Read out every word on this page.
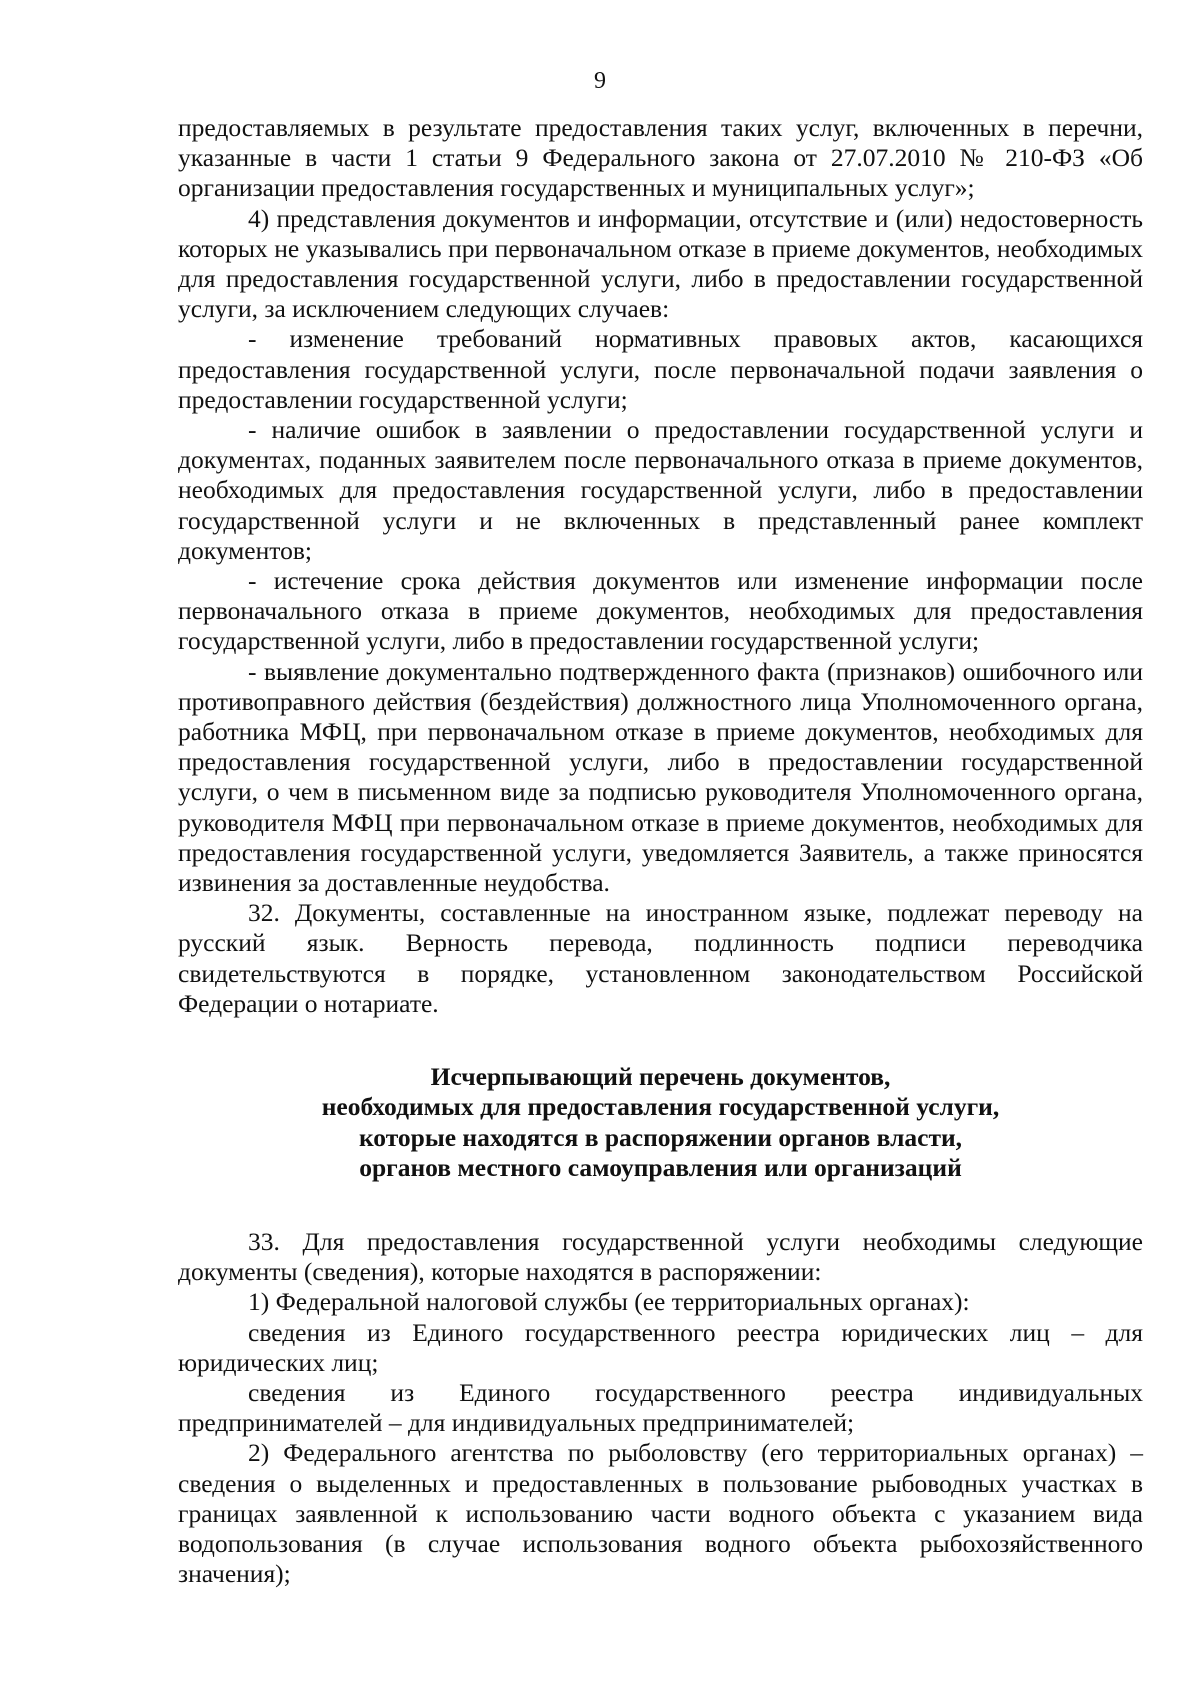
9

предоставляемых в результате предоставления таких услуг, включенных в перечни, указанные в части 1 статьи 9 Федерального закона от 27.07.2010 № 210-ФЗ «Об организации предоставления государственных и муниципальных услуг»;

4) представления документов и информации, отсутствие и (или) недостоверность которых не указывались при первоначальном отказе в приеме документов, необходимых для предоставления государственной услуги, либо в предоставлении государственной услуги, за исключением следующих случаев:

- изменение требований нормативных правовых актов, касающихся предоставления государственной услуги, после первоначальной подачи заявления о предоставлении государственной услуги;

- наличие ошибок в заявлении о предоставлении государственной услуги и документах, поданных заявителем после первоначального отказа в приеме документов, необходимых для предоставления государственной услуги, либо в предоставлении государственной услуги и не включенных в представленный ранее комплект документов;

- истечение срока действия документов или изменение информации после первоначального отказа в приеме документов, необходимых для предоставления государственной услуги, либо в предоставлении государственной услуги;

- выявление документально подтвержденного факта (признаков) ошибочного или противоправного действия (бездействия) должностного лица Уполномоченного органа, работника МФЦ, при первоначальном отказе в приеме документов, необходимых для предоставления государственной услуги, либо в предоставлении государственной услуги, о чем в письменном виде за подписью руководителя Уполномоченного органа, руководителя МФЦ при первоначальном отказе в приеме документов, необходимых для предоставления государственной услуги, уведомляется Заявитель, а также приносятся извинения за доставленные неудобства.

32. Документы, составленные на иностранном языке, подлежат переводу на русский язык. Верность перевода, подлинность подписи переводчика свидетельствуются в порядке, установленном законодательством Российской Федерации о нотариате.

Исчерпывающий перечень документов,
необходимых для предоставления государственной услуги,
которые находятся в распоряжении органов власти,
органов местного самоуправления или организаций

33. Для предоставления государственной услуги необходимы следующие документы (сведения), которые находятся в распоряжении:

1) Федеральной налоговой службы (ее территориальных органах):

сведения из Единого государственного реестра юридических лиц – для юридических лиц;

сведения из Единого государственного реестра индивидуальных предпринимателей – для индивидуальных предпринимателей;

2) Федерального агентства по рыболовству (его территориальных органах) – сведения о выделенных и предоставленных в пользование рыбоводных участках в границах заявленной к использованию части водного объекта с указанием вида водопользования (в случае использования водного объекта рыбохозяйственного значения);
